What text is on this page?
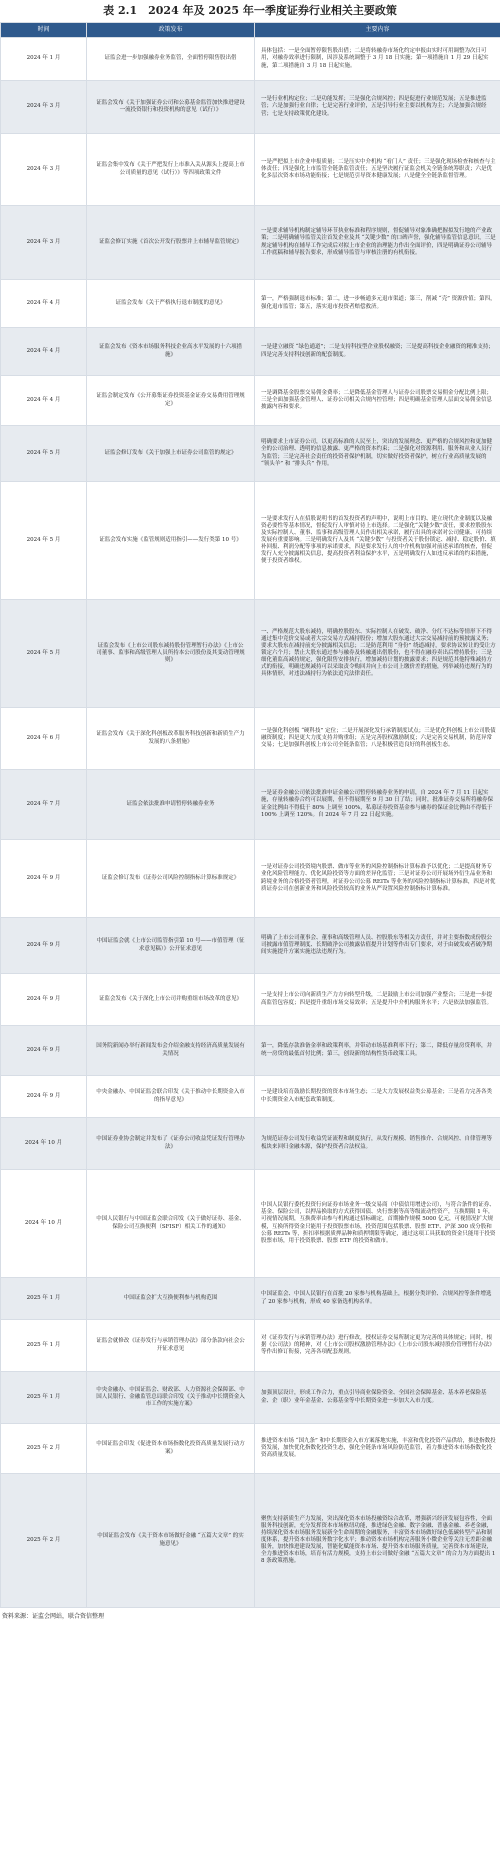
表 2.1　2024 年及 2025 年一季度证券行业相关主要政策
时间	政策发布	主要内容
2024 年 1 月	证监会进一步加强融券业务监管，全面暂停限售股出借	具体包括：一是全面暂停限售股出借；二是将转融券市场化约定申报由实时可用调整为次日可用，对融券效率进行限制，因涉及系统调整于 3 月 18 日实施；第一项措施自 1 月 29 日起实施，第二项措施自 3 月 18 日起实施。
2024 年 3 月	证监会发布《关于加强证券公司和公募基金监管加快推进建设一流投资银行和投资机构的意见（试行）》	一是行业机构定位；二是功能发挥；三是强化合规风控；四是促进行业规范发展；五是推进监管；六是加强行业自律；七是完善行业评价，五是引导行业主要以机构为主；六是加强合规经营；七是支持政策优化建设。
2024 年 3 月	证监会集中发布《关于严把发行上市准入关从源头上提高上市公司质量的意见（试行）》等四项政策文件	一是严把拟上市企业申报质量；二是压实中介机构 “看门人” 责任；三是强化现场检查和核查与主体责任；四是强化上市监管全链条监管责任；五是坚决履行证监会机关全链条统筹职责；六是优化多层次资本市场功能衔接；七是规范引导资本健康发展；八是健全全链条监督管理。
2024 年 3 月	证监会修订实施《首次公开发行股票并上市辅导监管规定》	一是要求辅导机构制定辅导环节执业标准和程序规则，督促辅导对象准确把握拟发行地的产业政策；二是明确辅导监管关注首发企业及其 “关键少数” 的口碑声誉，强化辅导监管信息意识，三是规定辅导机构在辅导工作完成后对拟上市企业的治理能力作出全面评价，四是明确证券公司辅导工作底稿和辅导报告要求，形成辅导监管与审核注册的有机衔接。
2024 年 4 月	证监会发布《关于严格执行退市制度的意见》	第一，严格强制退市标准；第二，进一步畅通多元退市渠道；第三，削减 “壳” 资源价值；第四，强化退市监管；第五，落实退市投资者赔偿救济。
2024 年 4 月	证监会发布《资本市场服务科技企业高水平发展的十六项措施》	一是建立融资 “绿色通道”；二是支持科技型企业股权融资；三是提高科技企业融资的精准支持；四是完善支持科技创新的配套制度。
2024 年 4 月	证监会制定发布《公开募集证券投资基金证券交易费用管理规定》	一是调降基金股票交易佣金费率；二是降低基金管理人与证券公司股票交易佣金分配比例上限；三是全面加强基金管理人、证券公司相关合规内控管理；四是明确基金管理人层面交易佣金信息披露内容和要求。
2024 年 5 月	证监会修订发布《关于加强上市证券公司监管的规定》	明确要求上市证券公司，以更高标准的人民至上，突出的发展理念、更严格的合规风控和更加健全的公司治理、透明的信息披露、更严格的资本约束；二是强化对资源利用、服务和从业人员行为监管；三是完善社会责任的投资者保护机制，切实做好投资者保护，树立行业高质量发展的 “领头羊” 和 “排头兵” 作用。
2024 年 5 月	证监会发布实施《监管规则适用指引——发行类第 10 号》	一是要求发行人在招股说明书的首发投资者的声明中，说明上市目的、建立现代企业制度以及融资必要性等基本情况，督促发行人审慎对待上市选择。二是强化“关键少数”责任，要求控股股东及实际控制人、董事、监事和高级管理人员作出相关承诺，履行出具的承诺对公司健康、可持续发展有重要影响。三是明确发行人及其 “关键少数” 与投资者关于股份锁定、减持、稳定股价、填补回报、利润分配等事项的承诺要求，四是要求发行人的中介机构加强对前述承诺的核查，督促发行人充分披露相关信息，提高投资者利益保护水平，五是明确发行人如违反承诺的约束措施，便于投资者维权。
2024 年 5 月	证监会发布《上市公司股东减持股份管理暂行办法》《上市公司董事、监事和高级管理人员所持本公司股份及其变动管理规则》	一、严格规范大股东减持，明确控股股东、实际控制人在破发、破净、分红不达标等情形下不得通过集中竞价交易或者大宗交易方式减持股份；增加大股东通过大宗交易减持前的预披露义务；要求大股东在减持前充分披露相关信息；二是防范利用 “身份” 绕道减持，要求协议转让的受让方锁定六个月；禁止大股东通过参与融券及转融通出借股份，也不得在融券卖出后增持股份；三是细化董监高减持规定，强化限售安排执行，增加减持计划的披露要求；四是规范其他特殊减持方式的衔接，明确违规减持可以采取责令购回并向上市公司上缴价差的措施，列举减持违规行为的具体情形，对违法减持行为依法追究法律责任。
2024 年 6 月	证监会发布《关于深化科创板改革服务科技创新和新质生产力发展的八条措施》	一是强化科创板 “硬科技” 定位；二是开展深化发行承销制度试点；三是优化科创板上市公司股债融资制度；四是更大力度支持并购重组；五是完善股权激励制度；六是完善交易机制，防范异常交易；七是加强科创板上市公司全链条监管；八是积极营造良好的科创板生态。
2024 年 7 月	证监会依法批准申请暂停转融券业务	一是证券金融公司依法批准申证金融公司暂停转融券业务的申请，自 2024 年 7 月 11 日起实施，存量转融券合约可以展期，但不得展期至 9 月 30 日了结；同时，批准证券交易所将融券保证金比例由不得低于 80% 上调至 100%，私募证券投资基金参与融券的保证金比例由不得低于 100% 上调至 120%。自 2024 年 7 月 22 日起实施。
2024 年 9 月	证监会修订发布《证券公司风险控制指标计算标准规定》	一是对证券公司投资境内股票、做市等业务的风险控制指标计算标准予以优化；二是提高财务专业化风险管理能力、优化风险投资等方面的差异化监管；三是对证券公司开展场外衍生品业务和跨境业务的合格投资者管理，对证券公司公募 REITs 等业务的风险控制指标计算标准，四是对优质证券公司在创新业务和风险投资较高的业务从严设置风险控制指标计算标准。
2024 年 9 月	中国证监会就《上市公司监管指引第 10 号——市值管理（征求意见稿）》公开征求意见	明确了上市公司董事会、董事和高级管理人员、控股股东等相关方责任，并对主要指数成份股公司披露市值管理制度、长期破净公司披露估值提升计划等作出专门要求，对于由破发或者破净期间实施提升方案实施违法违规行为。
2024 年 9 月	证监会发布《关于深化上市公司并购重组市场改革的意见》	一是支持上市公司向新质生产力方向转型升级，二是鼓励上市公司加强产业整合；三是进一步提高监管包容度；四是提升重组市场交易效率；五是提升中介机构服务水平；六是依法加强监管。
2024 年 9 月	国务院新闻办举行新闻发布会介绍金融支持经济高质量发展有关情况	第一，降低存款准备金率和政策利率，并带动市场基准利率下行；第二，降低存量房贷利率，并统一房贷的最低首付比例；第三，创设新的结构性货币政策工具。
2024 年 9 月	中央金融办、中国证监会联合印发《关于推动中长期资金入市的指导意见》	一是建设培育鼓励长期投资的资本市场生态；二是大力发展权益类公募基金；三是着力完善各类中长期资金入市配套政策制度。
2024 年 10 月	中国证券业协会制定并发布了《证券公司收益凭证发行管理办法》	为规范证券公司发行收益凭证流程和制度执行，从发行规模、销售推介、合规风控、自律管理等板块来回归金融本源，保护投资者合法权益。
2024 年 10 月	中国人民银行与中国证监会联合印发《关于做好证券、基金、保险公司互换便利（SFISF）相关工作的通知》	中国人民银行委托投资行向证券市场业务一级交易商（中债信用增进公司），与符合条件的证券、基金、保险公司，以押品换取的方式获得国债、央行票据等高等级流动性资产，互换期限 1 年，可视情况展期，互换费率由参与机构通过招标确定，首期操作规模 5000 亿元，可视情况扩大规模，互换所得资金只能用于投资股票市场，投资范围包括股票、股票 ETF、沪深 300 成分股和公募 REITs 等，折扣率根据质押品种和质押期限等确定，通过这项工具获取的资金只能用于投资股票市场，用于投资股票、股票 ETF 的投资和做市。
2025 年 1 月	中国证监会扩大互换便利参与机构范围	中国证监会、中国人民银行在首批 20 家参与机构基础上，根据分类评价、合规风控等条件增选了 20 家参与机构，形成 40 家备选机构名单。
2025 年 1 月	证监会就修改《证券发行与承销管理办法》部分条款向社会公开征求意见	对《证券发行与承销管理办法》进行修改，授权证券交易所制定更为完善的具体规定；同时，根据《公司法》的精神，对《上市公司股权激励管理办法》《上市公司股东减持股份管理暂行办法》等作出修订衔接，完善各项配套规则。
2025 年 1 月	中央金融办、中国证监会、财政部、人力资源社会保障部、中国人民银行、金融监管总局联合印发《关于推动中长期资金入市工作的实施方案》	加强顶层设计，形成工作合力，重点引导商业保险资金、全国社会保障基金、基本养老保险基金、企（职）业年金基金、公募基金等中长期资金进一步加大入市力度。
2025 年 2 月	中国证监会印发《促进资本市场指数化投资高质量发展行动方案》	推进资本市场 “国九条” 和中长期资金入市方案落地实施，丰富和优化投资产品供给，推进指数投资发展，加快优化指数化投资生态，强化全链条市场风险防范监管，着力推进资本市场指数化投资高质量发展。
2025 年 2 月	中国证监会发布《关于资本市场做好金融 “五篇大文章” 的实施意见》	聚焦支持新质生产力发展，突出深化资本市场投融资综合改革，增强新兴经济发展包容性，全面服务科技创新，充分发挥资本市场枢纽功能，推进绿色金融、数字金融、普惠金融、养老金融，持续深化资本市场服务发展新全生命周期的金融服务，丰富资本市场做好绿色低碳转型产品和制度体系，提升资本市场服务数字化水平；推动资本市场机构完善服务小微企业等关注无差距金融服务，加快推进建设发展，智能化赋能资本市场、提升资本市场服务质量，完善资本市场建设，全力推进资本市场，培育有活力规模，支持上市公司做好金融 “五篇大文章” 的合力为方面提出 18 条政策措施。
资料来源：证监会网站，联合资信整理
